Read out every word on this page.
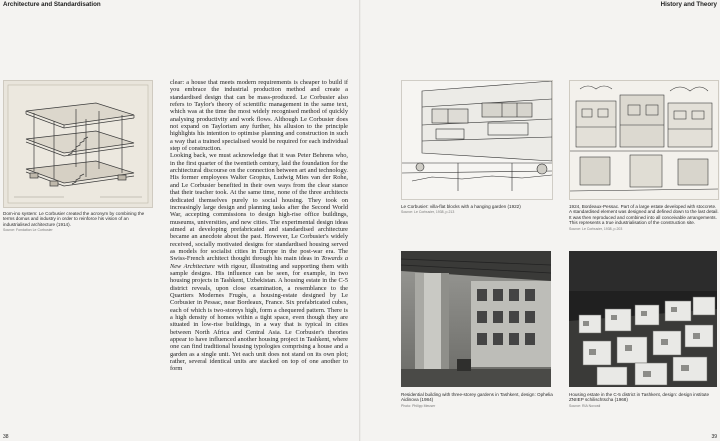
Architecture and Standardisation	History and Theory
Dom-ino system: Le Corbusier created the acronym by combining the terms domus and industry in order to reinforce his vision of an industrialised architecture (1914).
Source: Fondation Le Corbusier

clear: a house that meets modern requirements is cheaper to build if you embrace the industrial production method and create a standardised design that can be mass-produced. Le Corbusier also refers to Taylor's theory of scientific management in the same text, which was at the time the most widely recognised method of quickly analysing productivity and work flows. Although Le Corbusier does not expand on Taylorism any further, his allusion to the principle highlights his intention to optimise planning and construction in such a way that a trained specialised would be required for each individual step of construction.

Looking back, we must acknowledge that it was Peter Behrens who, in the first quarter of the twentieth century, laid the foundation for the architectural discourse on the connection between art and technology. His former employees Walter Gropius, Ludwig Mies van der Rohe, and Le Corbusier benefited in their own ways from the clear stance that their teacher took. At the same time, none of the three architects dedicated themselves purely to social housing. They took on increasingly large design and planning tasks after the Second World War, accepting commissions to design high-rise office buildings, museums, universities, and new cities. The experimental design ideas aimed at developing prefabricated and standardised architecture became an anecdote about the past. However, Le Corbusier's widely received, socially motivated designs for standardised housing served as models for socialist cities in Europe in the post-war era. The Swiss-French architect thought through his main ideas in Towards a New Architecture with rigour, illustrating and supporting them with sample designs. His influence can be seen, for example, in two housing projects in Tashkent, Uzbekistan. A housing estate in the C-5 district reveals, upon close examination, a resemblance to the Quartiers Modernes Frugès, a housing-estate designed by Le Corbusier in Pessac, near Bordeaux, France. Six prefabricated cubes, each of which is two-storeys high, form a chequered pattern. There is a high density of homes within a tight space, even though they are situated in low-rise buildings, in a way that is typical in cities between North Africa and Central Asia. Le Corbusier's theories appear to have influenced another housing project in Tashkent, where one can find traditional housing typologies comprising a house and a garden as a single unit. Yet each unit does not stand on its own plot; rather, several identical units are stacked on top of one another to form

Le Corbusier: villa-flat blocks with a hanging garden (1922)
Source: Le Corbusier, 1938, p.213
1924, Bordeaux-Pessac. Part of a large estate developed with stoccrete. A standardised element was designed and defined down to the last detail. It was then reproduced and combined into all conceivable arrangements. This represents a true industrialisation of the construction site.
Source: Le Corbusier, 1938, p.203
Residential building with three-storey gardens in Tashkent, design: Ophelia Aidinova (1984)
Photo: Philipp Meuser
Housing estate in the C-5 district in Tashkent, design: design institute ZNIIEP schilischtscha (1968)
Source: RIA Novosti
38	39
